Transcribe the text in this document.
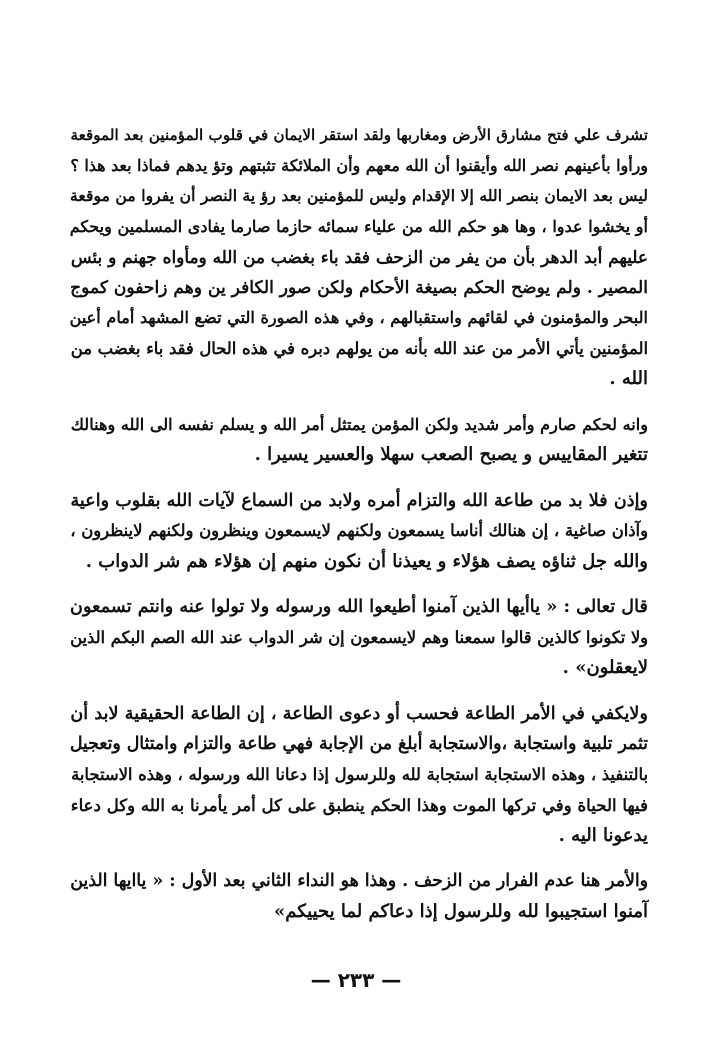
تشرف علي فتح مشارق الأرض ومغاربها ولقد استقر الايمان في قلوب المؤمنين بعد الموقعة
ورأوا بأعينهم نصر الله وأيقنوا أن الله معهم وأن الملائكة تثبتهم وتؤ يدهم فماذا بعد هذا ؟
ليس بعد الايمان بنصر الله إلا الإقدام وليس للمؤمنين بعد رؤ ية النصر أن يفروا من موقعة
أو يخشوا عدوا ، وها هو حكم الله من علياء سمائه حازما صارما يفادى المسلمين ويحكم
عليهم أبد الدهر بأن من يفر من الزحف فقد باء بغضب من الله ومأواه جهنم و بئس
المصير . ولم يوضح الحكم بصيغة الأحكام ولكن صور الكافر ين وهم زاحفون كموج
البحر والمؤمنون في لقائهم واستقبالهم ، وفي هذه الصورة التي تضع المشهد أمام أعين
المؤمنين يأتي الأمر من عند الله بأنه من يولهم دبره في هذه الحال فقد باء بغضب من
الله .

وانه لحكم صارم وأمر شديد ولكن المؤمن يمتثل أمر الله و يسلم نفسه الى الله وهنالك
تتغير المقاييس و يصبح الصعب سهلا والعسير يسيرا .

وإذن فلا بد من طاعة الله والتزام أمره ولابد من السماع لآيات الله بقلوب واعية
وآذان صاغية ، إن هنالك أناسا يسمعون ولكنهم لايسمعون وينظرون ولكنهم لاينظرون ،
والله جل ثناؤه يصف هؤلاء و يعيذنا أن نكون منهم إن هؤلاء هم شر الدواب .

قال تعالى : « ياأيها الذين آمنوا أطيعوا الله ورسوله ولا تولوا عنه وانتم تسمعون
ولا تكونوا كالذين قالوا سمعنا وهم لايسمعون إن شر الدواب عند الله الصم البكم الذين
لايعقلون» .

ولايكفي في الأمر الطاعة فحسب أو دعوى الطاعة ، إن الطاعة الحقيقية لابد أن
تثمر تلبية واستجابة ،والاستجابة أبلغ من الإجابة فهي طاعة والتزام وامتثال وتعجيل
بالتنفيذ ، وهذه الاستجابة استجابة لله وللرسول إذا دعانا الله ورسوله ، وهذه الاستجابة
فيها الحياة وفي تركها الموت وهذا الحكم ينطبق على كل أمر يأمرنا به الله وكل دعاء
يدعونا اليه .

والأمر هنا عدم الفرار من الزحف . وهذا هو النداء الثاني بعد الأول : « ياايها الذين
آمنوا استجيبوا لله وللرسول إذا دعاكم لما يحييكم»

— ٢٣٣ —
